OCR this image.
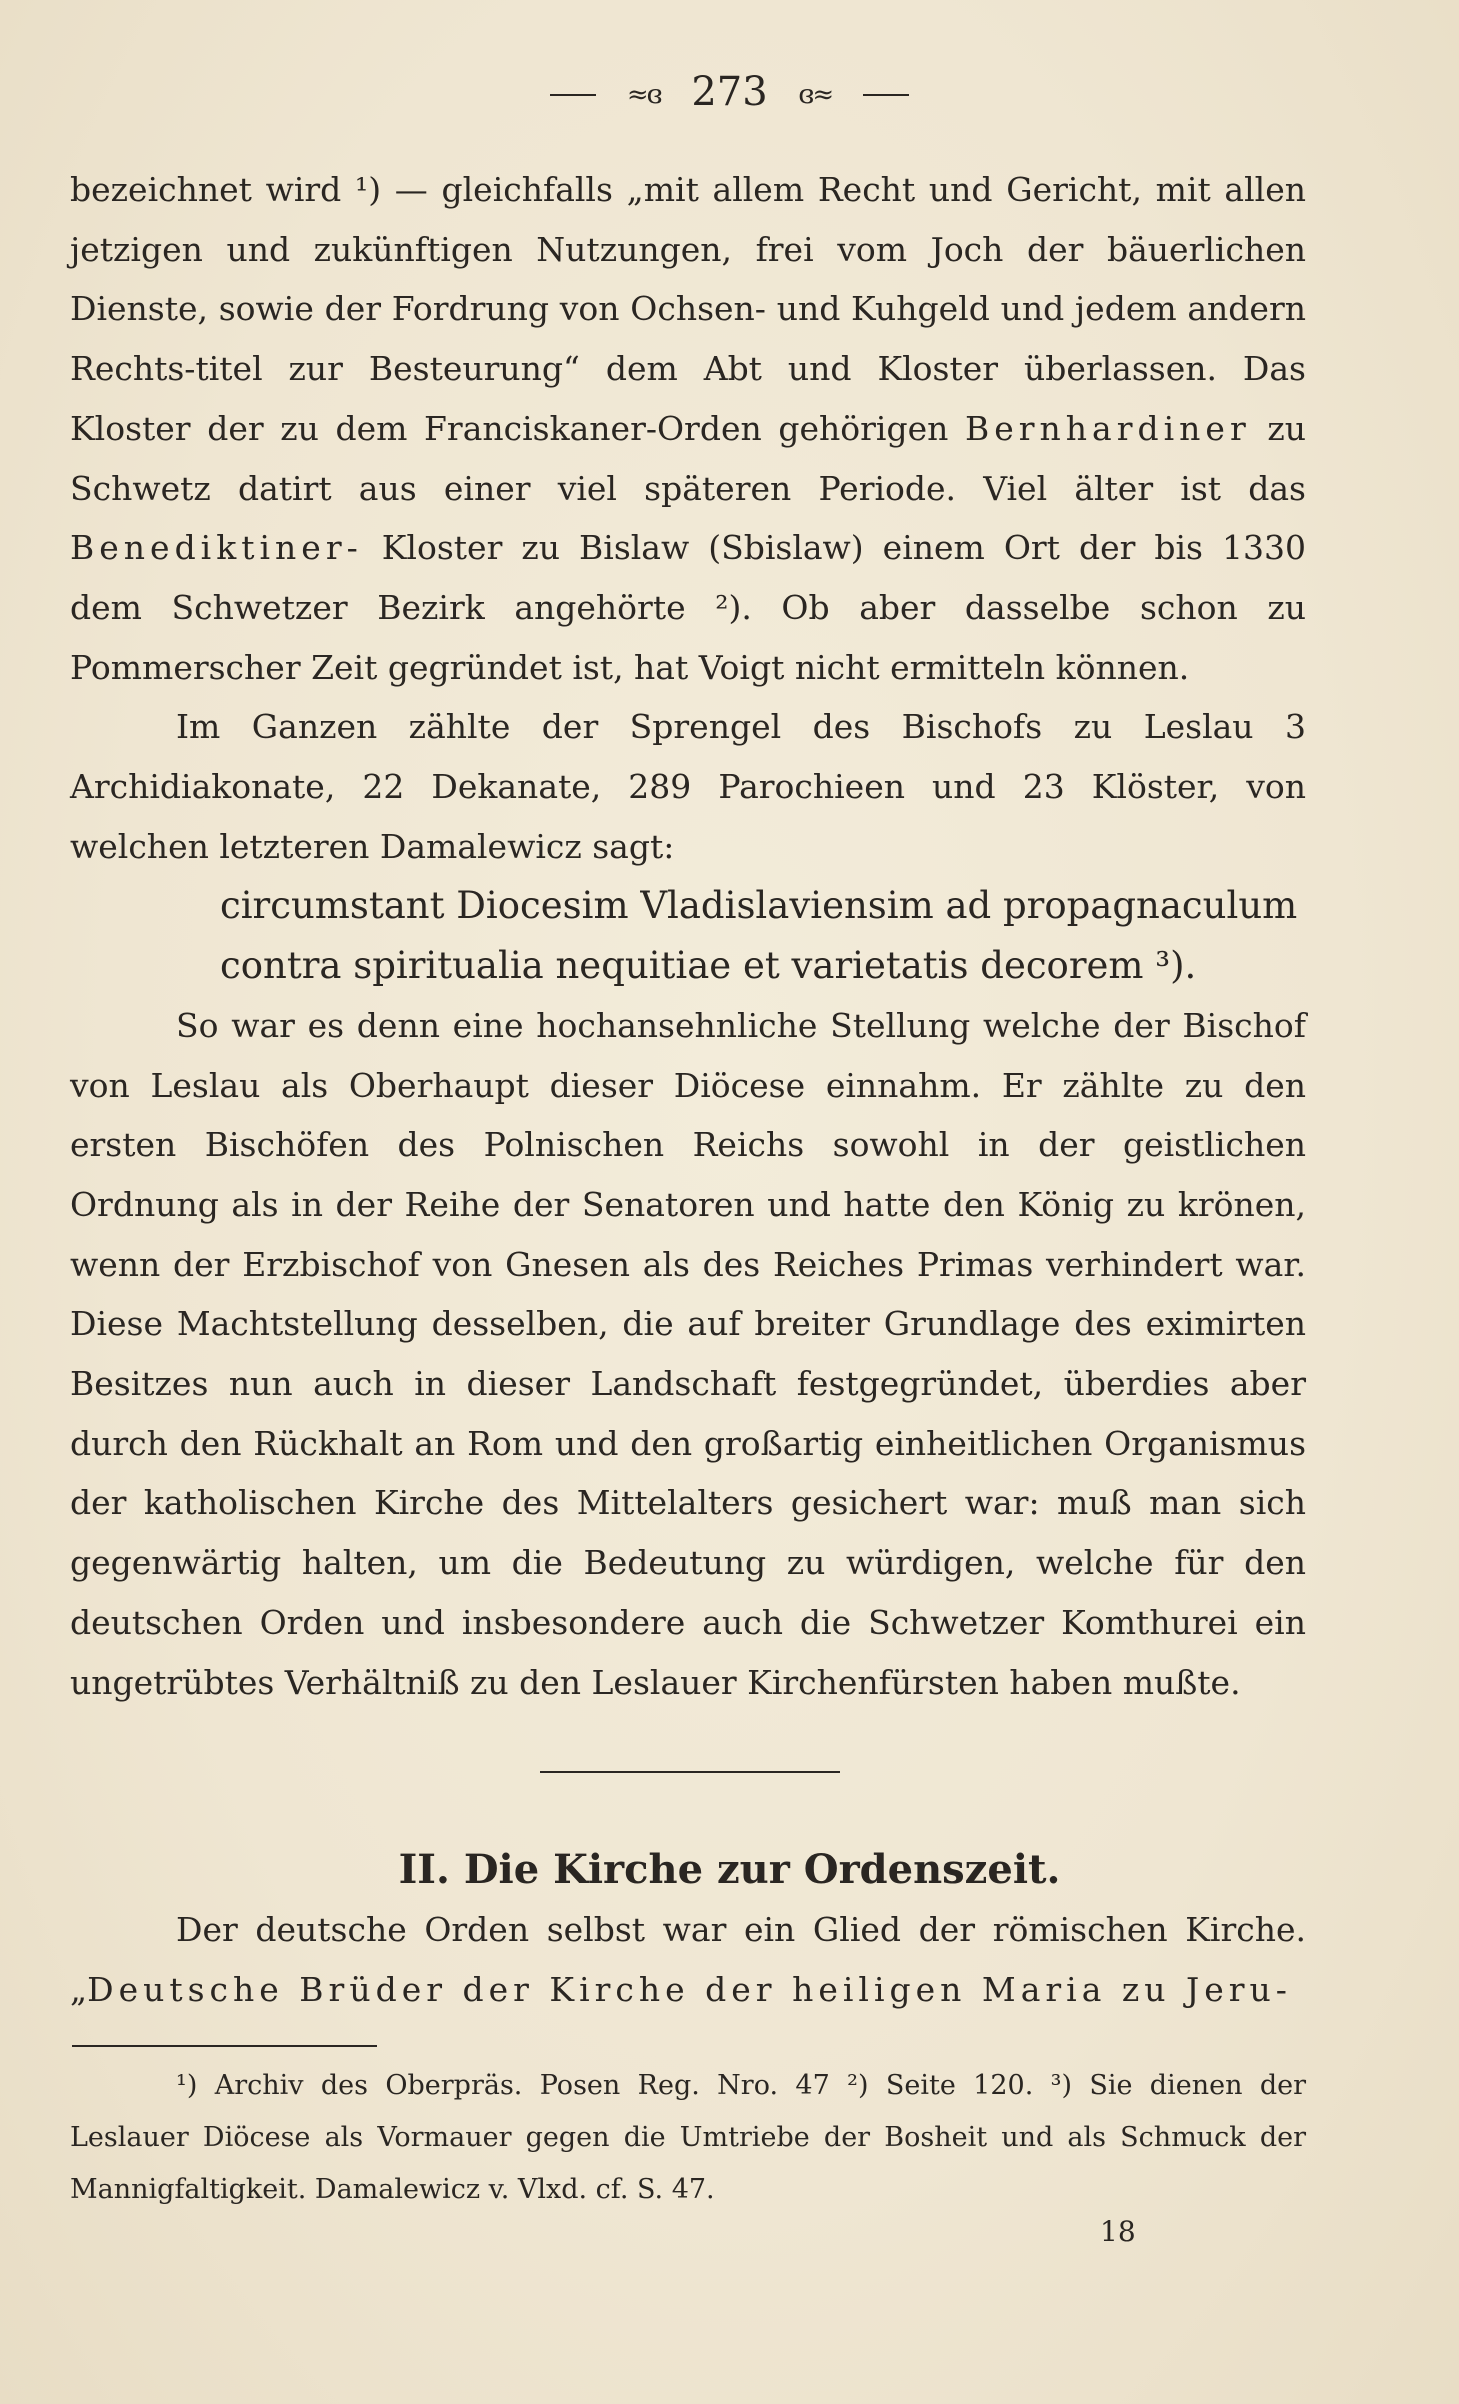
≈ɞ 273 ɞ≈

bezeichnet wird ¹) — gleichfalls „mit allem Recht und Gericht, mit allen jetzigen und zukünftigen Nutzungen, frei vom Joch der bäuerlichen Dienste, sowie der Fordrung von Ochsen- und Kuhgeld und jedem andern Rechts-titel zur Besteurung“ dem Abt und Kloster überlassen. Das Kloster der zu dem Franciskaner-Orden gehörigen Bernhardiner zu Schwetz datirt aus einer viel späteren Periode. Viel älter ist das Benediktiner- Kloster zu Bislaw (Sbislaw) einem Ort der bis 1330 dem Schwetzer Bezirk angehörte ²). Ob aber dasselbe schon zu Pommerscher Zeit gegründet ist, hat Voigt nicht ermitteln können.

Im Ganzen zählte der Sprengel des Bischofs zu Leslau 3 Archidiakonate, 22 Dekanate, 289 Parochieen und 23 Klöster, von welchen letzteren Damalewicz sagt:

circumstant Diocesim Vladislaviensim ad propagnaculum

contra spiritualia nequitiae et varietatis decorem ³).

So war es denn eine hochansehnliche Stellung welche der Bischof von Leslau als Oberhaupt dieser Diöcese einnahm. Er zählte zu den ersten Bischöfen des Polnischen Reichs sowohl in der geistlichen Ordnung als in der Reihe der Senatoren und hatte den König zu krönen, wenn der Erzbischof von Gnesen als des Reiches Primas verhindert war. Diese Machtstellung desselben, die auf breiter Grundlage des eximirten Besitzes nun auch in dieser Landschaft festgegründet, überdies aber durch den Rückhalt an Rom und den großartig einheitlichen Organismus der katholischen Kirche des Mittelalters gesichert war: muß man sich gegenwärtig halten, um die Bedeutung zu würdigen, welche für den deutschen Orden und insbesondere auch die Schwetzer Komthurei ein ungetrübtes Verhältniß zu den Leslauer Kirchenfürsten haben mußte.

II. Die Kirche zur Ordenszeit.

Der deutsche Orden selbst war ein Glied der römischen Kirche. „Deutsche Brüder der Kirche der heiligen Maria zu Jeru-

¹) Archiv des Oberpräs. Posen Reg. Nro. 47 ²) Seite 120. ³) Sie dienen der Leslauer Diöcese als Vormauer gegen die Umtriebe der Bosheit und als Schmuck der Mannigfaltigkeit. Damalewicz v. Vlxd. cf. S. 47.

18
